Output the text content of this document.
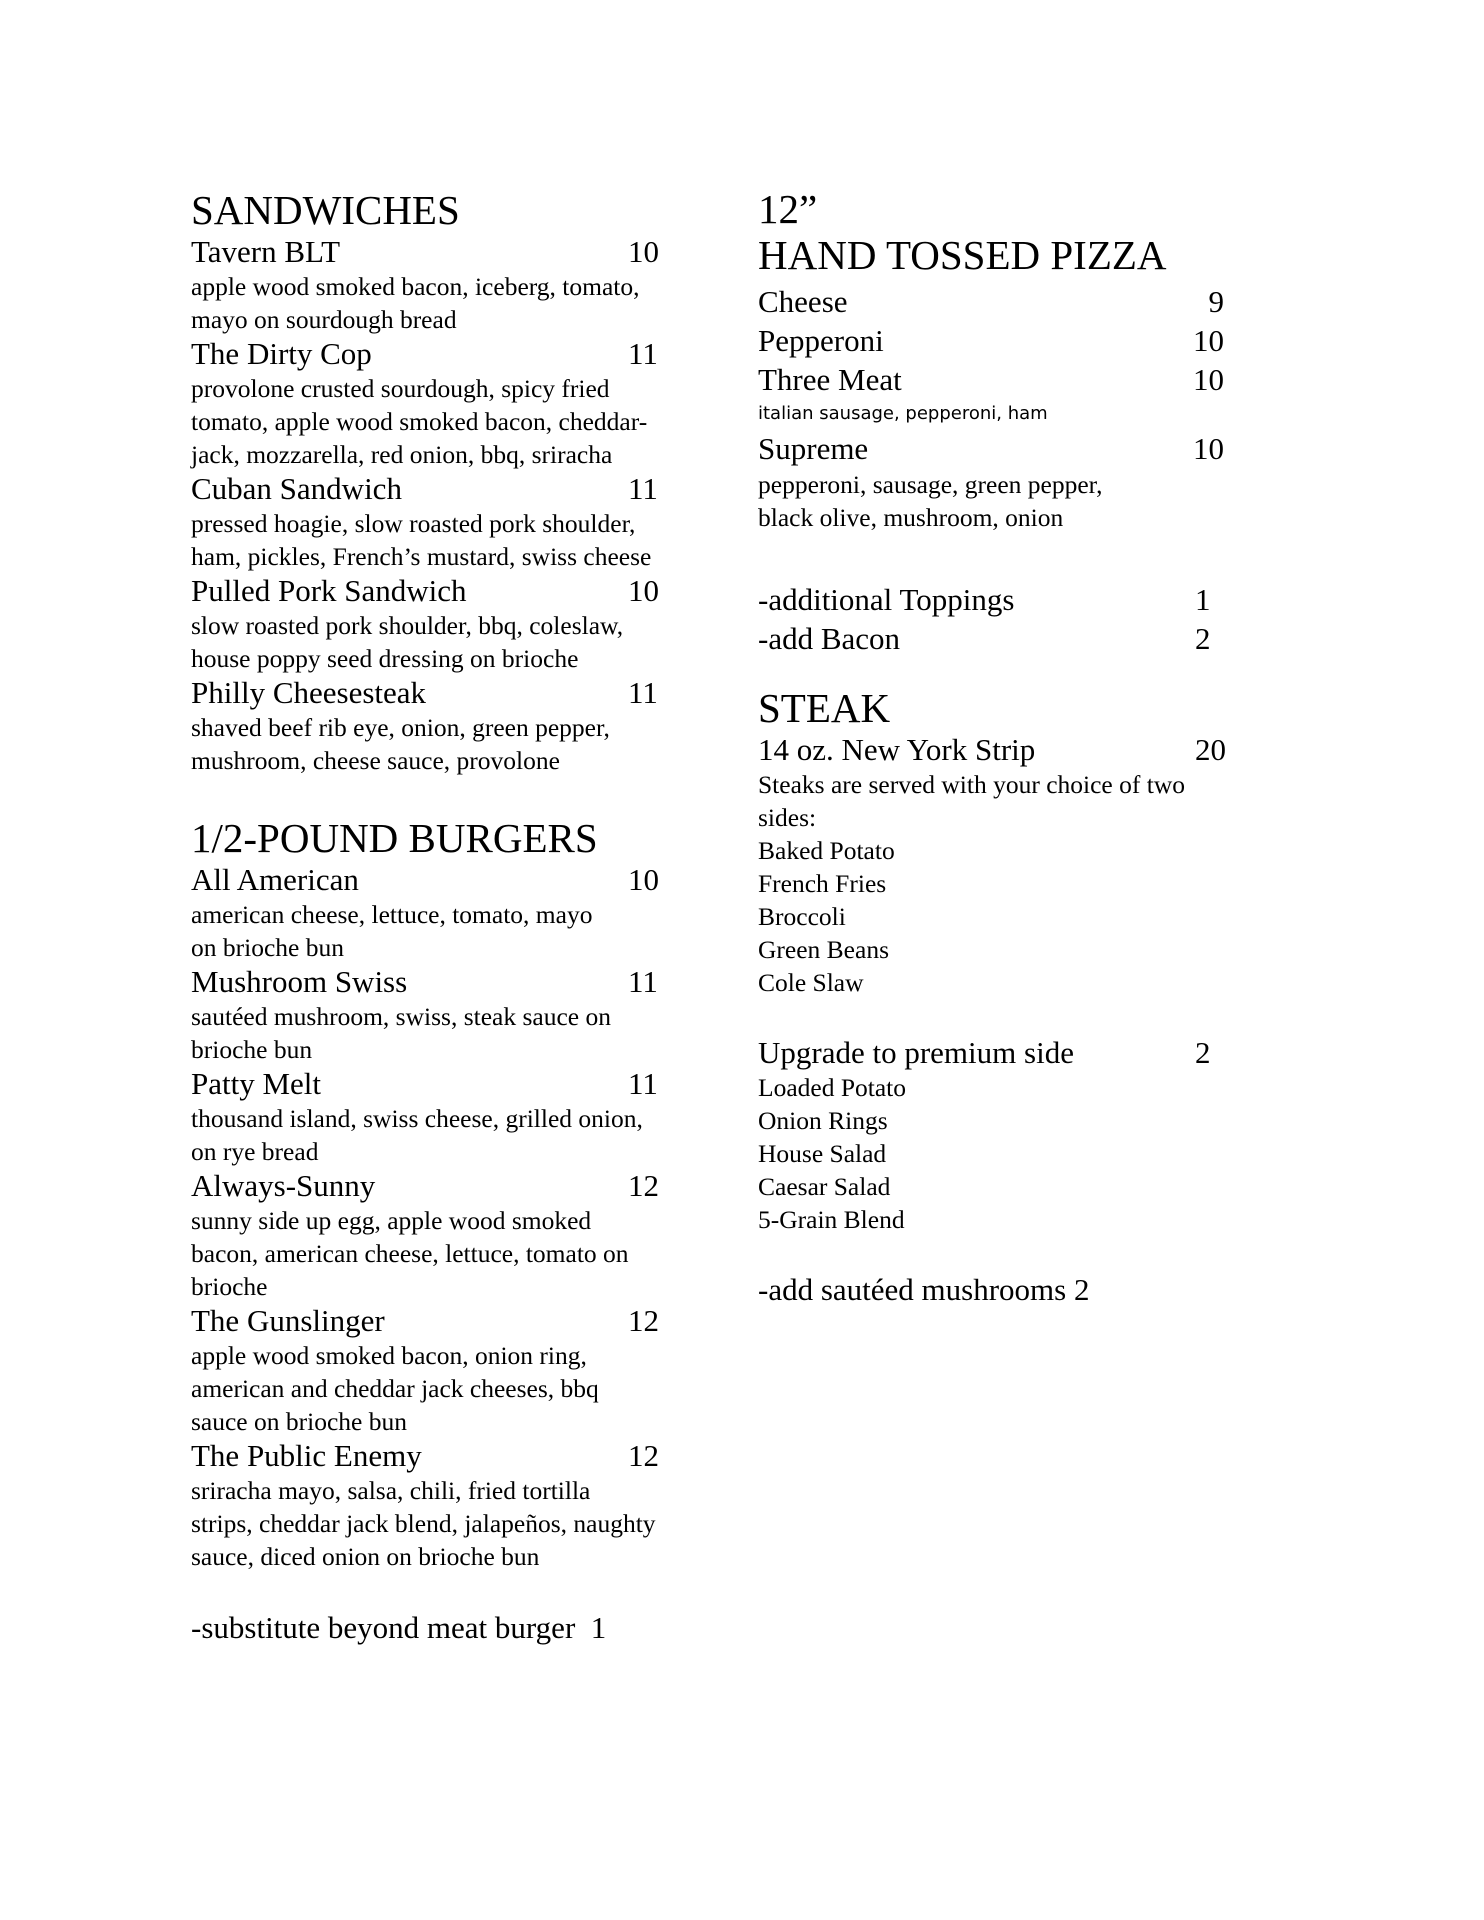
SANDWICHES
Tavern BLT	10
apple wood smoked bacon, iceberg, tomato,
mayo on sourdough bread
The Dirty Cop	11
provolone crusted sourdough, spicy fried
tomato, apple wood smoked bacon, cheddar-
jack, mozzarella, red onion, bbq, sriracha
Cuban Sandwich	11
pressed hoagie, slow roasted pork shoulder,
ham, pickles, French’s mustard, swiss cheese
Pulled Pork Sandwich	10
slow roasted pork shoulder, bbq, coleslaw,
house poppy seed dressing on brioche
Philly Cheesesteak	11
shaved beef rib eye, onion, green pepper,
mushroom, cheese sauce, provolone
1/2-POUND BURGERS
All American	10
american cheese, lettuce, tomato, mayo
on brioche bun
Mushroom Swiss	11
sautéed mushroom, swiss, steak sauce on
brioche bun
Patty Melt	11
thousand island, swiss cheese, grilled onion,
on rye bread
Always-Sunny	12
sunny side up egg, apple wood smoked
bacon, american cheese, lettuce, tomato on
brioche
The Gunslinger	12
apple wood smoked bacon, onion ring,
american and cheddar jack cheeses, bbq
sauce on brioche bun
The Public Enemy	12
sriracha mayo, salsa, chili, fried tortilla
strips, cheddar jack blend, jalapeños, naughty
sauce, diced onion on brioche bun
-substitute beyond meat burger  1
12”
HAND TOSSED PIZZA
Cheese	9
Pepperoni	10
Three Meat	10
italian sausage, pepperoni, ham
Supreme	10
pepperoni, sausage, green pepper,
black olive, mushroom, onion
-additional Toppings	1
-add Bacon	2
STEAK
14 oz. New York Strip	20
Steaks are served with your choice of two
sides:
Baked Potato
French Fries
Broccoli
Green Beans
Cole Slaw
Upgrade to premium side	2
Loaded Potato
Onion Rings
House Salad
Caesar Salad
5-Grain Blend
-add sautéed mushrooms 2
